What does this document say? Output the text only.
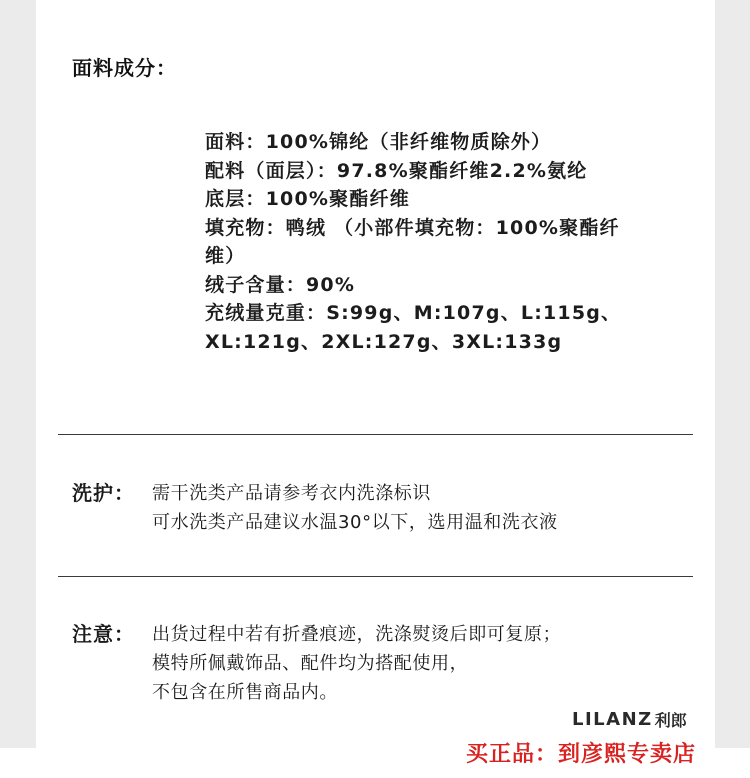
面料成分：
面料：100%锦纶（非纤维物质除外）
配料（面层）：97.8%聚酯纤维2.2%氨纶
底层：100%聚酯纤维
填充物：鸭绒 （小部件填充物：100%聚酯纤
维）
绒子含量：90%
充绒量克重：S:99g、M:107g、L:115g、
XL:121g、2XL:127g、3XL:133g
洗护： 需干洗类产品请参考衣内洗涤标识
可水洗类产品建议水温30°以下，选用温和洗衣液
注意： 出货过程中若有折叠痕迹，洗涤熨烫后即可复原；
模特所佩戴饰品、配件均为搭配使用，
不包含在所售商品内。
LILANZ 利郎
买正品：到彦熙专卖店
